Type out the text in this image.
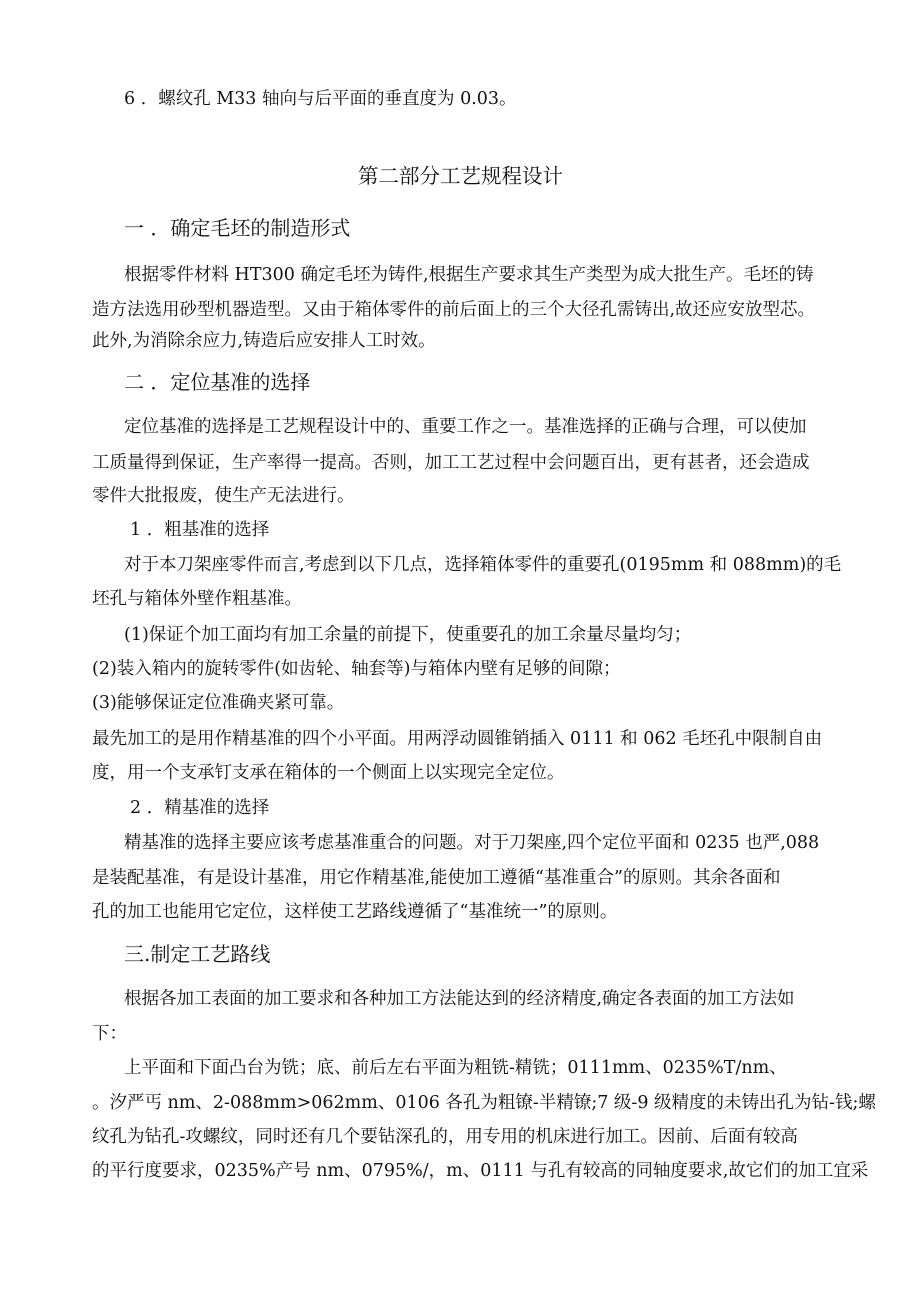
6 ．螺纹孔 M33 轴向与后平面的垂直度为 0.03。
第二部分工艺规程设计
一 ．确定毛坯的制造形式
根据零件材料 HT300 确定毛坯为铸件,根据生产要求其生产类型为成大批生产。毛坯的铸
造方法选用砂型机器造型。又由于箱体零件的前后面上的三个大径孔需铸出,故还应安放型芯。
此外,为消除余应力,铸造后应安排人工时效。
二 ．定位基准的选择
定位基准的选择是工艺规程设计中的、重要工作之一。基准选择的正确与合理，可以使加
工质量得到保证，生产率得一提高。否则，加工工艺过程中会问题百出，更有甚者，还会造成
零件大批报废，使生产无法进行。
1 ．粗基准的选择
对于本刀架座零件而言,考虑到以下几点，选择箱体零件的重要孔(0195mm 和 088mm)的毛
坯孔与箱体外壁作粗基准。
(1)保证个加工面均有加工余量的前提下，使重要孔的加工余量尽量均匀；
(2)装入箱内的旋转零件(如齿轮、轴套等)与箱体内壁有足够的间隙；
(3)能够保证定位准确夹紧可靠。
最先加工的是用作精基准的四个小平面。用两浮动圆锥销插入 0111 和 062 毛坯孔中限制自由
度，用一个支承钉支承在箱体的一个侧面上以实现完全定位。
2 ．精基准的选择
精基准的选择主要应该考虑基准重合的问题。对于刀架座,四个定位平面和 0235 也严,088
是装配基准，有是设计基准，用它作精基准,能使加工遵循“基准重合”的原则。其余各面和
孔的加工也能用它定位，这样使工艺路线遵循了“基准统一”的原则。
三.制定工艺路线
根据各加工表面的加工要求和各种加工方法能达到的经济精度,确定各表面的加工方法如
下：
上平面和下面凸台为铣；底、前后左右平面为粗铣-精铣；0111mm、0235%T/nm、
。汐严丐 nm、2-088mm>062mm、0106 各孔为粗镣-半精镣;7 级-9 级精度的未铸出孔为钻-钱;螺
纹孔为钻孔-攻螺纹，同时还有几个要钻深孔的，用专用的机床进行加工。因前、后面有较高
的平行度要求，0235%产号 nm、0795%/，m、0111 与孔有较高的同轴度要求,故它们的加工宜采
